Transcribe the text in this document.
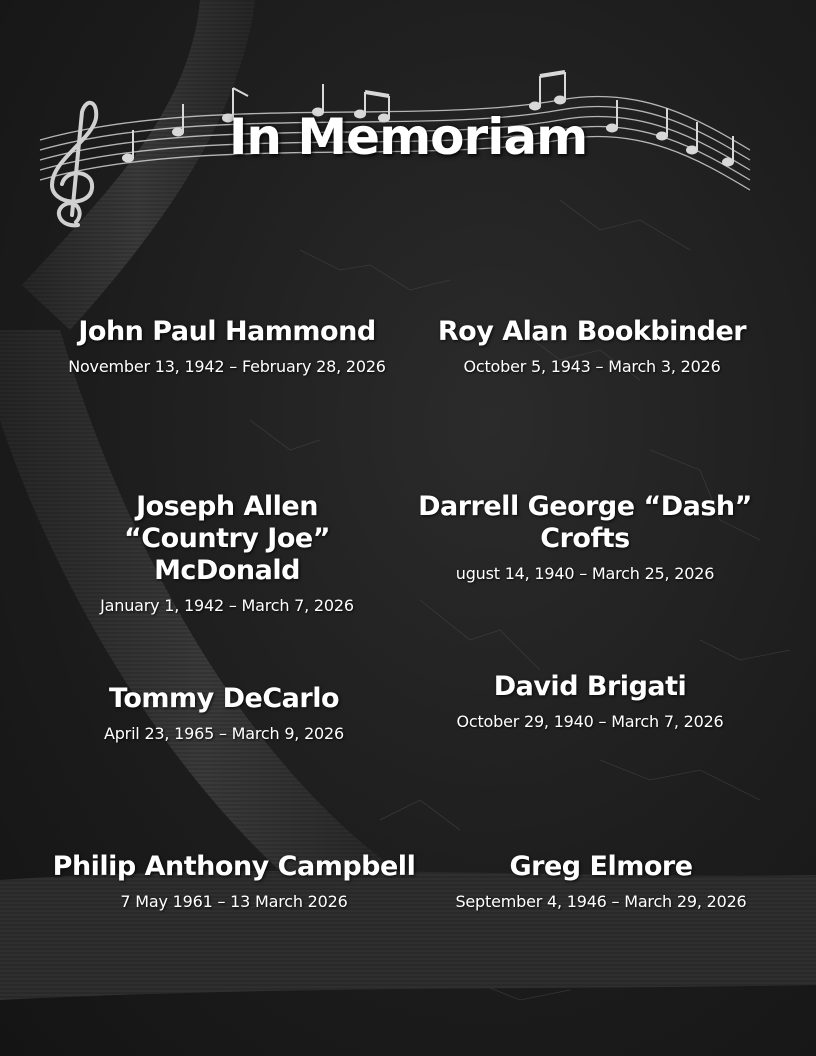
In Memoriam
John Paul Hammond
November 13, 1942 – February 28, 2026
Roy Alan Bookbinder
October 5, 1943 – March 3, 2026
Joseph Allen “Country Joe” McDonald
January 1, 1942 – March 7, 2026
Darrell George “Dash” Crofts
ugust 14, 1940 – March 25, 2026
Tommy DeCarlo
April 23, 1965 – March 9, 2026
David Brigati
October 29, 1940 – March 7, 2026
Philip Anthony Campbell
7 May 1961 – 13 March 2026
Greg Elmore
September 4, 1946 – March 29, 2026
